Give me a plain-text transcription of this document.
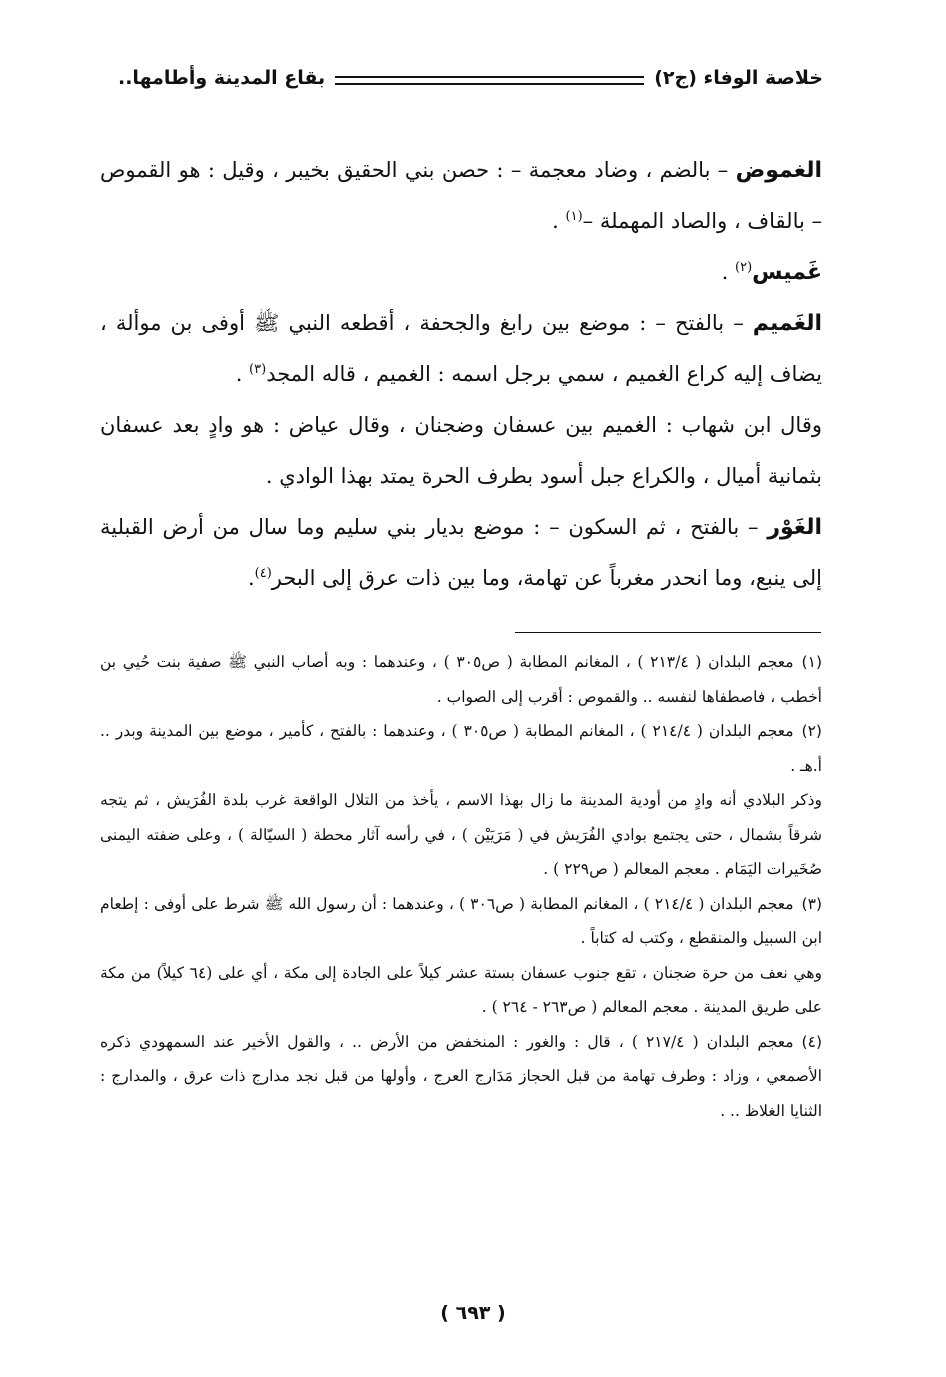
خلاصة الوفاء (ج٢)
بقاع المدينة وأطامها..

الغموض – بالضم ، وضاد معجمة – : حصن بني الحقيق بخيبر ، وقيل : هو القموص – بالقاف ، والصاد المهملة –$^{(١)}$ .

غَميس$^{(٢)}$ .

الغَميم – بالفتح – : موضع بين رابغ والجحفة ، أقطعه النبي ﷺ أوفى بن موألة ، يضاف إليه كراع الغميم ، سمي برجل اسمه : الغميم ، قاله المجد$^{(٣)}$ .

وقال ابن شهاب : الغميم بين عسفان وضجنان ، وقال عياض : هو وادٍ بعد عسفان بثمانية أميال ، والكراع جبل أسود بطرف الحرة يمتد بهذا الوادي .

الغَوْر – بالفتح ، ثم السكون – : موضع بديار بني سليم وما سال من أرض القبلية إلى ينبع، وما انحدر مغرباً عن تهامة، وما بين ذات عرق إلى البحر$^{(٤)}$.

(١)معجم البلدان ( ٢١٣/٤ ) ، المغانم المطابة ( ص٣٠٥ ) ، وعندهما : وبه أصاب النبي ﷺ صفية بنت حُيي بن أخطب ، فاصطفاها لنفسه .. والقموص : أقرب إلى الصواب .

(٢)معجم البلدان ( ٢١٤/٤ ) ، المغانم المطابة ( ص٣٠٥ ) ، وعندهما : بالفتح ، كأمير ، موضع بين المدينة وبدر .. أ.هـ .

وذكر البلادي أنه وادٍ من أودية المدينة ما زال بهذا الاسم ، يأخذ من التلال الواقعة غرب بلدة الفُرَيش ، ثم يتجه شرقاً بشمال ، حتى يجتمع بوادي الفُرَيش في ( مَرَيَيْن ) ، في رأسه آثار محطة ( السيّالة ) ، وعلى ضفته اليمنى صُخَيرات اليَمَام . معجم المعالم ( ص٢٢٩ ) .

(٣)معجم البلدان ( ٢١٤/٤ ) ، المغانم المطابة ( ص٣٠٦ ) ، وعندهما : أن رسول الله ﷺ شرط على أوفى : إطعام ابن السبيل والمنقطع ، وكتب له كتاباً .

وهي نعف من حرة ضجنان ، تقع جنوب عسفان بستة عشر كيلاً على الجادة إلى مكة ، أي على (٦٤ كيلاً) من مكة على طريق المدينة . معجم المعالم ( ص٢٦٣ - ٢٦٤ ) .

(٤)معجم البلدان ( ٢١٧/٤ ) ، قال : والغور : المنخفض من الأرض .. ، والقول الأخير عند السمهودي ذكره الأصمعي ، وزاد : وطرف تهامة من قبل الحجاز مَدَارج العرج ، وأولها من قبل نجد مدارج ذات عرق ، والمدارج : الثنايا الغلاظ .. .

( ٦٩٣ )
